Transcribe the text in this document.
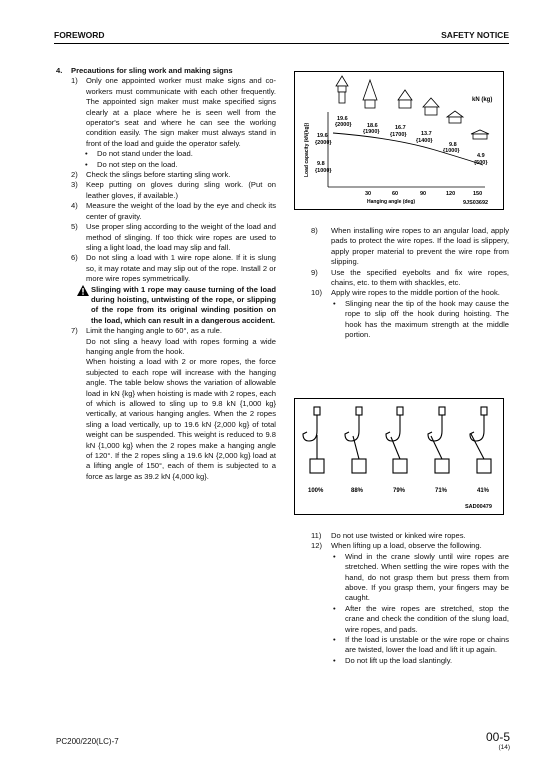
FOREWORD	SAFETY NOTICE
4.	Precautions for sling work and making signs
1)	Only one appointed worker must make signs and co-workers must communicate with each other frequently. The appointed sign maker must make specified signs clearly at a place where he is seen well from the operator's seat and where he can see the working condition easily. The sign maker must always stand in front of the load and guide the operator safely.
•	Do not stand under the load.
•	Do not step on the load.
2)	Check the slings before starting sling work.
3)	Keep putting on gloves during sling work. (Put on leather gloves, if available.)
4)	Measure the weight of the load by the eye and check its center of gravity.
5)	Use proper sling according to the weight of the load and method of slinging. If too thick wire ropes are used to sling a light load, the load may slip and fall.
6)	Do not sling a load with 1 wire rope alone. If it is slung so, it may rotate and may slip out of the rope. Install 2 or more wire ropes symmetrically.
Slinging with 1 rope may cause turning of the load during hoisting, untwisting of the rope, or slipping of the rope from its original winding position on the load, which can result in a dangerous accident.
7)	Limit the hanging angle to 60°, as a rule.
Do not sling a heavy load with ropes forming a wide hanging angle from the hook.
When hoisting a load with 2 or more ropes, the force subjected to each rope will increase with the hanging angle. The table below shows the variation of allowable load in kN {kg} when hoisting is made with 2 ropes, each of which is allowed to sling up to 9.8 kN {1,000 kg} vertically, at various hanging angles. When the 2 ropes sling a load vertically, up to 19.6 kN {2,000 kg} of total weight can be suspended. This weight is reduced to 9.8 kN {1,000 kg} when the 2 ropes make a hanging angle of 120°. If the 2 ropes sling a 19.6 kN {2,000 kg} load at a lifting angle of 150°, each of them is subjected to a force as large as 39.2 kN {4,000 kg}.
kN (kg)
Load capacity (kN{kg})
19.6
{2000}
19.6
{2000}
9.8
{1000}
18.6
{1900}
16.7
{1700}	13.7
{1400}
9.8
{1000}
4.9
{500}
30	60	90	120	150
Hanging angle (deg)	9JS03692
8)	When installing wire ropes to an angular load, apply pads to protect the wire ropes. If the load is slippery, apply proper material to prevent the wire rope from slipping.
9)	Use the specified eyebolts and fix wire ropes, chains, etc. to them with shackles, etc.
10)	Apply wire ropes to the middle portion of the hook.
•	Slinging near the tip of the hook may cause the rope to slip off the hook during hoisting. The hook has the maximum strength at the middle portion.
100%	88%	79%	71%	41%
SAD00479
11)	Do not use twisted or kinked wire ropes.
12)	When lifting up a load, observe the following.
•	Wind in the crane slowly until wire ropes are stretched. When settling the wire ropes with the hand, do not grasp them but press them from above. If you grasp them, your fingers may be caught.
•	After the wire ropes are stretched, stop the crane and check the condition of the slung load, wire ropes, and pads.
•	If the load is unstable or the wire rope or chains are twisted, lower the load and lift it up again.
•	Do not lift up the load slantingly.
PC200/220(LC)-7	00-5
(14)
